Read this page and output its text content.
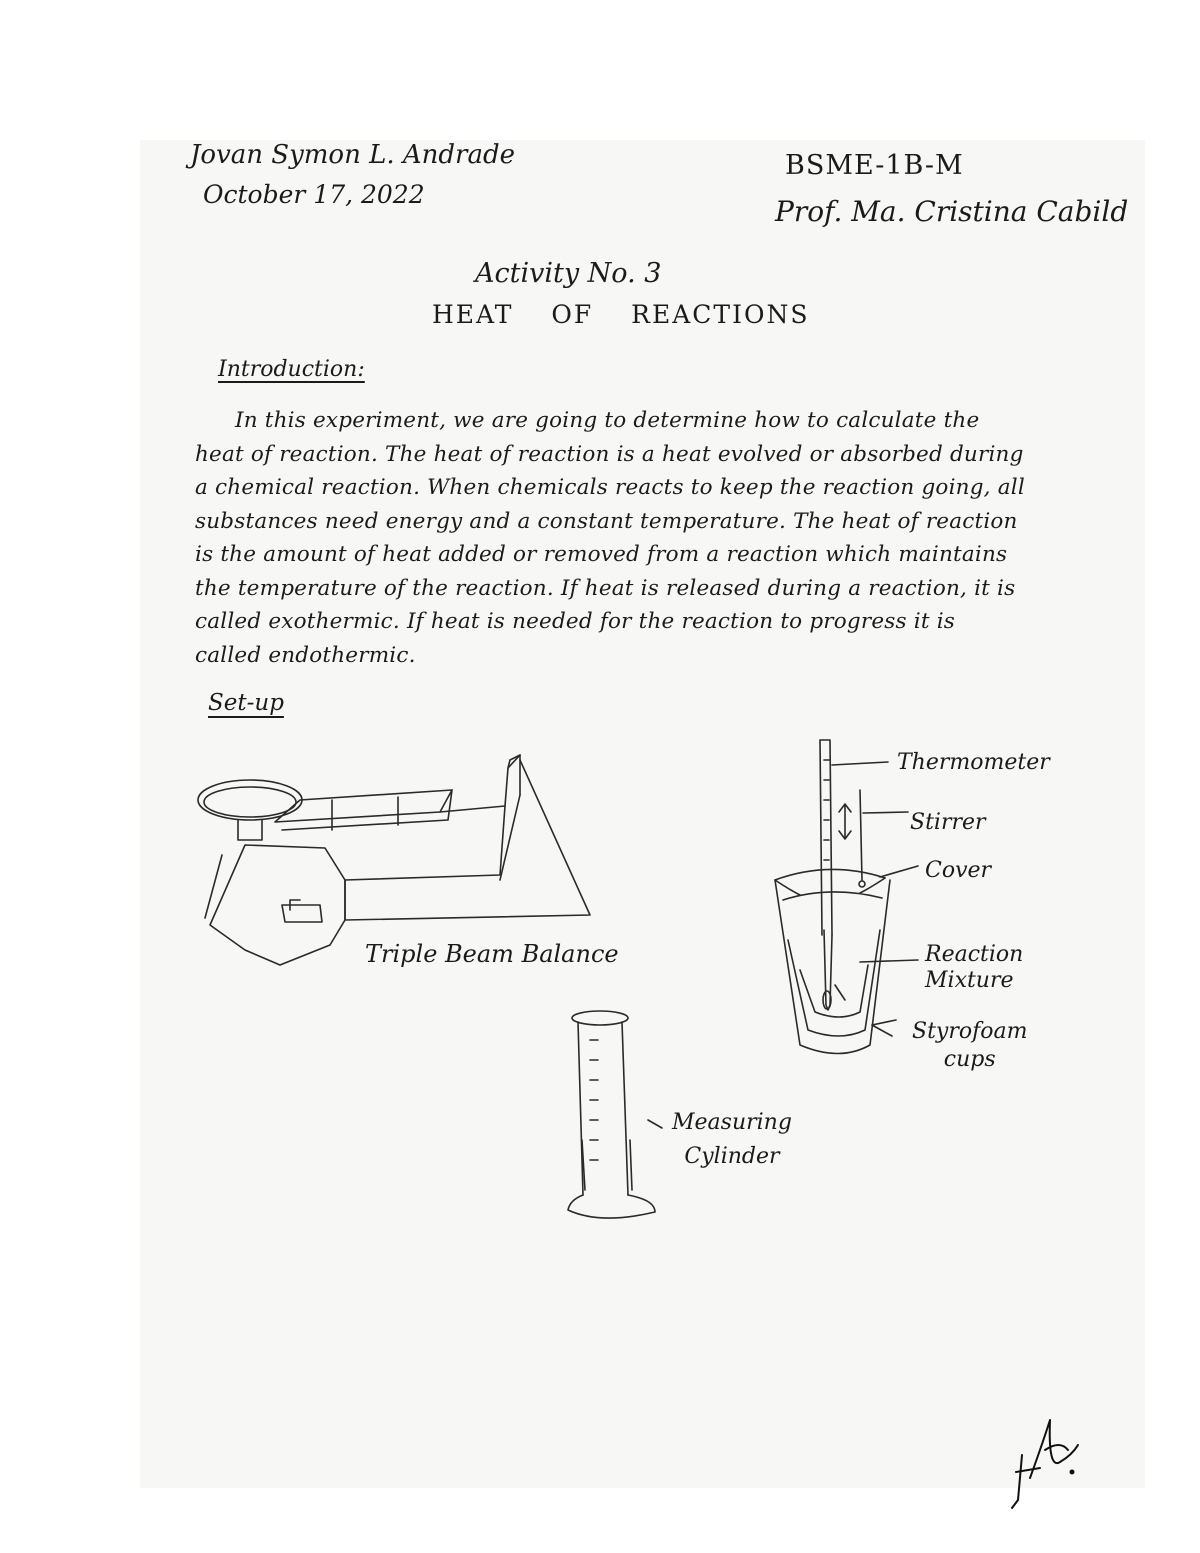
Jovan Symon L. Andrade
October 17, 2022
BSME-1B-M
Prof. Ma. Cristina Cabild
Activity No. 3
HEAT OF REACTIONS
Introduction:
In this experiment, we are going to determine how to calculate the heat of reaction. The heat of reaction is a heat evolved or absorbed during a chemical reaction. When chemicals reacts to keep the reaction going, all substances need energy and a constant temperature. The heat of reaction is the amount of heat added or removed from a reaction which maintains the temperature of the reaction. If heat is released during a reaction, it is called exothermic. If heat is needed for the reaction to progress it is called endothermic.
Set-up
Triple Beam Balance
Thermometer
Stirrer
Cover
Reaction
Mixture
Styrofoam
cups
Measuring
Cylinder
